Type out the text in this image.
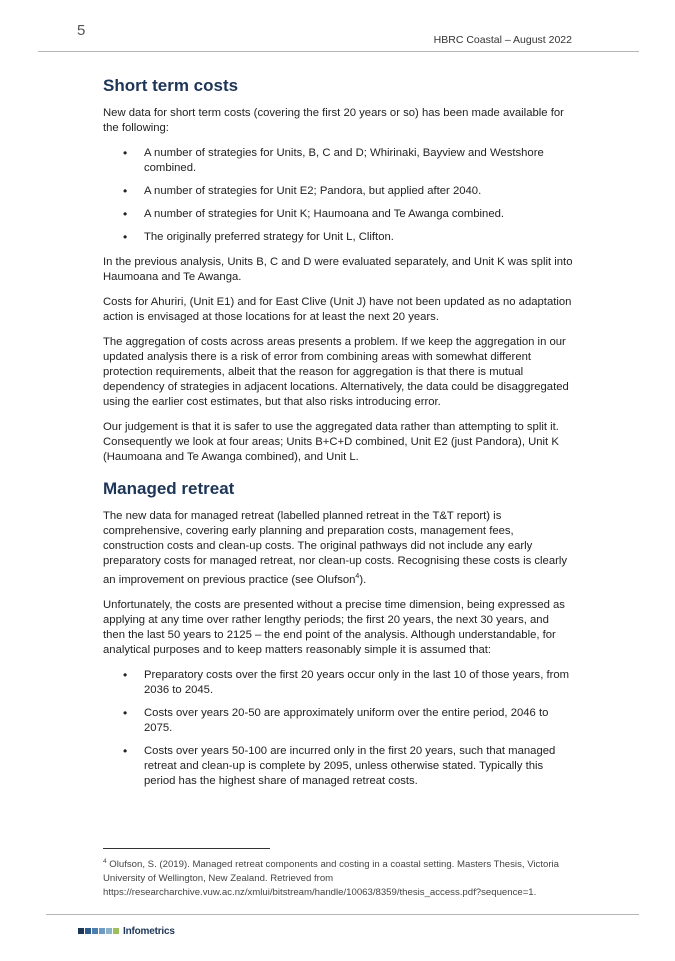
5
HBRC Coastal – August 2022
Short term costs

New data for short term costs (covering the first 20 years or so) has been made available for the following:

• A number of strategies for Units, B, C and D; Whirinaki, Bayview and Westshore combined.
• A number of strategies for Unit E2; Pandora, but applied after 2040.
• A number of strategies for Unit K; Haumoana and Te Awanga combined.
• The originally preferred strategy for Unit L, Clifton.

In the previous analysis, Units B, C and D were evaluated separately, and Unit K was split into Haumoana and Te Awanga.

Costs for Ahuriri, (Unit E1) and for East Clive (Unit J) have not been updated as no adaptation action is envisaged at those locations for at least the next 20 years.

The aggregation of costs across areas presents a problem. If we keep the aggregation in our updated analysis there is a risk of error from combining areas with somewhat different protection requirements, albeit that the reason for aggregation is that there is mutual dependency of strategies in adjacent locations. Alternatively, the data could be disaggregated using the earlier cost estimates, but that also risks introducing error.

Our judgement is that it is safer to use the aggregated data rather than attempting to split it. Consequently we look at four areas; Units B+C+D combined, Unit E2 (just Pandora), Unit K (Haumoana and Te Awanga combined), and Unit L.

Managed retreat

The new data for managed retreat (labelled planned retreat in the T&T report) is comprehensive, covering early planning and preparation costs, management fees, construction costs and clean-up costs. The original pathways did not include any early preparatory costs for managed retreat, nor clean-up costs. Recognising these costs is clearly an improvement on previous practice (see Olufson$^4$).

Unfortunately, the costs are presented without a precise time dimension, being expressed as applying at any time over rather lengthy periods; the first 20 years, the next 30 years, and then the last 50 years to 2125 – the end point of the analysis. Although understandable, for analytical purposes and to keep matters reasonably simple it is assumed that:

• Preparatory costs over the first 20 years occur only in the last 10 of those years, from 2036 to 2045.
• Costs over years 20-50 are approximately uniform over the entire period, 2046 to 2075.
• Costs over years 50-100 are incurred only in the first 20 years, such that managed retreat and clean-up is complete by 2095, unless otherwise stated. Typically this period has the highest share of managed retreat costs.
$^4$ Olufson, S. (2019). Managed retreat components and costing in a coastal setting. Masters Thesis, Victoria University of Wellington, New Zealand. Retrieved from https://researcharchive.vuw.ac.nz/xmlui/bitstream/handle/10063/8359/thesis_access.pdf?sequence=1.
Infometrics
